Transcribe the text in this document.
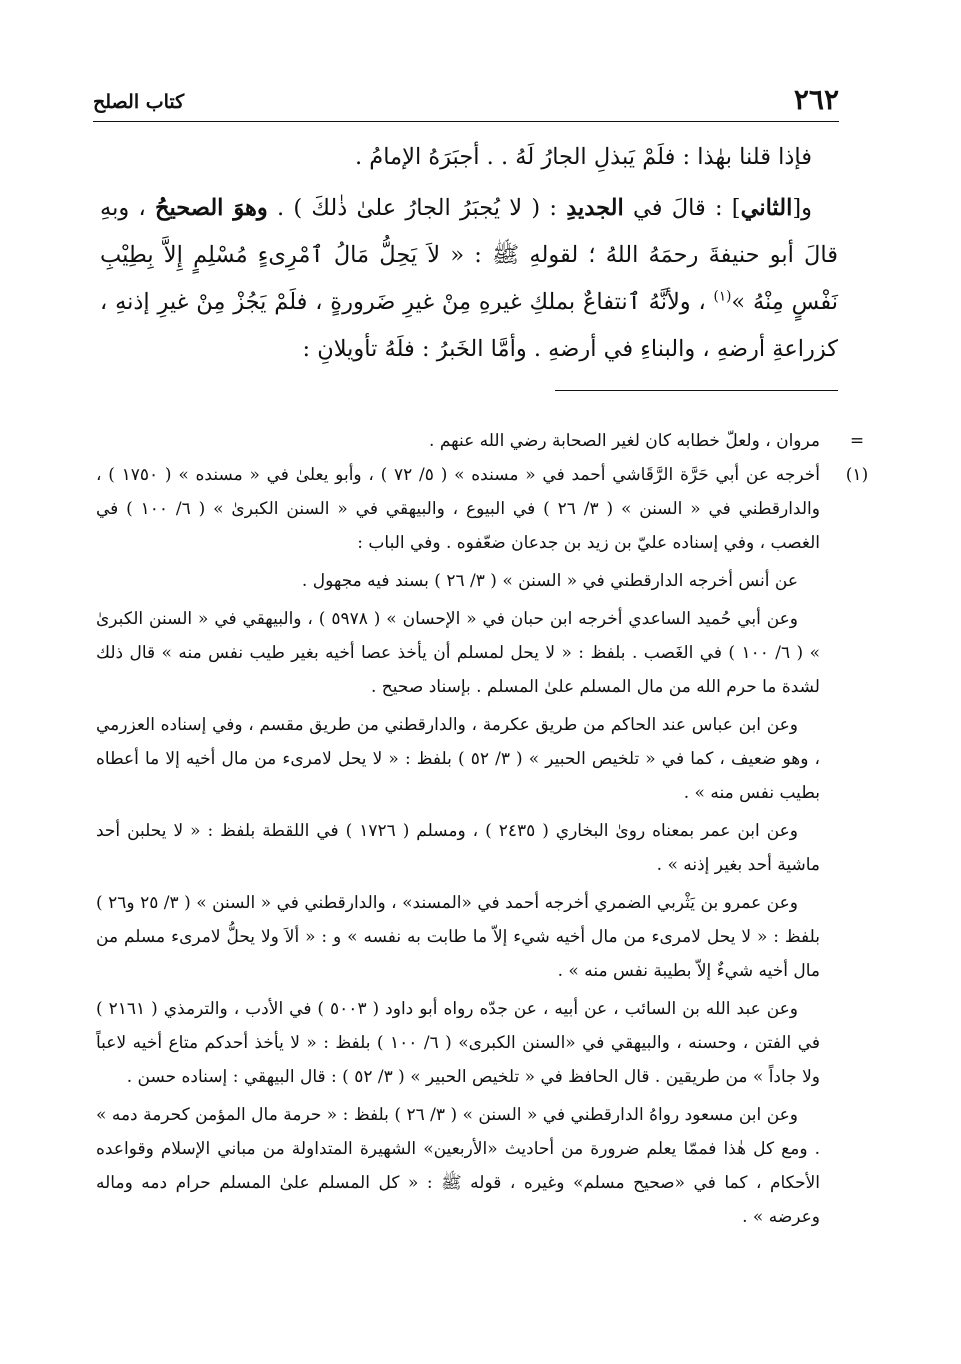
٢٦٢
كتاب الصلح

فإذا قلنا بهٰذا : فلَمْ يَبذلِ الجارُ لَهُ . . أجبَرَهُ الإمامُ .

و[الثاني] : قالَ في الجديدِ : ( لا يُجبَرُ الجارُ علىٰ ذٰلكَ ) . وهوَ الصحيحُ ، وبهِ قالَ أبو حنيفةَ رحمَهُ اللهُ ؛ لقولهِ ﷺ : « لاَ يَحِلُّ مَالُ ٱمْرِىءٍ مُسْلِمٍ إِلاَّ بِطِيْبِ نَفْسٍ مِنْهُ »$^{(١)}$ ، ولأنَّهُ ٱنتفاعٌ بملكِ غيرهِ مِنْ غيرِ ضَرورةٍ ، فلَمْ يَجُزْ مِنْ غيرِ إذنهِ ، كزراعةِ أرضهِ ، والبناءِ في أرضهِ . وأمَّا الخَبرُ : فلَهُ تأويلانِ :

=

مروان ، ولعلّ خطابه كان لغير الصحابة رضي الله عنهم .

(١)

أخرجه عن أبي حَرَّة الرَّقَاشي أحمد في « مسنده » ( ٥/ ٧٢ ) ، وأبو يعلىٰ في « مسنده » ( ١٧٥٠ ) ، والدارقطني في « السنن » ( ٣/ ٢٦ ) في البيوع ، والبيهقي في « السنن الكبرىٰ » ( ٦/ ١٠٠ ) في الغصب ، وفي إسناده عليّ بن زيد بن جدعان ضعّفوه . وفي الباب :

عن أنس أخرجه الدارقطني في « السنن » ( ٣/ ٢٦ ) بسند فيه مجهول .

وعن أبي حُميد الساعدي أخرجه ابن حبان في « الإحسان » ( ٥٩٧٨ ) ، والبيهقي في « السنن الكبرىٰ » ( ٦/ ١٠٠ ) في الغَصب . بلفظ : « لا يحل لمسلم أن يأخذ عصا أخيه بغير طيب نفس منه » قال ذلك لشدة ما حرم الله من مال المسلم علىٰ المسلم . بإسناد صحيح .

وعن ابن عباس عند الحاكم من طريق عكرمة ، والدارقطني من طريق مقسم ، وفي إسناده العزرمي ، وهو ضعيف ، كما في « تلخيص الحبير » ( ٣/ ٥٢ ) بلفظ : « لا يحل لامرىء من مال أخيه إلا ما أعطاه بطيب نفس منه » .

وعن ابن عمر بمعناه روىٰ البخاري ( ٢٤٣٥ ) ، ومسلم ( ١٧٢٦ ) في اللقطة بلفظ : « لا يحلبن أحد ماشية أحد بغير إذنه » .

وعن عمرو بن يَثْربي الضمري أخرجه أحمد في «المسند» ، والدارقطني في « السنن » ( ٣/ ٢٥ و٢٦ ) بلفظ : « لا يحل لامرىء من مال أخيه شيء إلاّ ما طابت به نفسه » و : « ألاَ ولا يحلُّ لامرىء مسلم من مال أخيه شيءٌ إلاّ بطيبة نفس منه » .

وعن عبد الله بن السائب ، عن أبيه ، عن جدّه رواه أبو داود ( ٥٠٠٣ ) في الأدب ، والترمذي ( ٢١٦١ ) في الفتن ، وحسنه ، والبيهقي في «السنن الكبرى» ( ٦/ ١٠٠ ) بلفظ : « لا يأخذ أحدكم متاع أخيه لاعباً ولا جاداً » من طريقين . قال الحافظ في « تلخيص الحبير » ( ٣/ ٥٢ ) : قال البيهقي : إسناده حسن .

وعن ابن مسعود رواهُ الدارقطني في « السنن » ( ٣/ ٢٦ ) بلفظ : « حرمة مال المؤمن كحرمة دمه » . ومع كل هٰذا فممّا يعلم ضرورة من أحاديث «الأربعين» الشهيرة المتداولة من مباني الإسلام وقواعده الأحكام ، كما في «صحيح مسلم» وغيره ، قوله ﷺ : « كل المسلم علىٰ المسلم حرام دمه وماله وعرضه » .
